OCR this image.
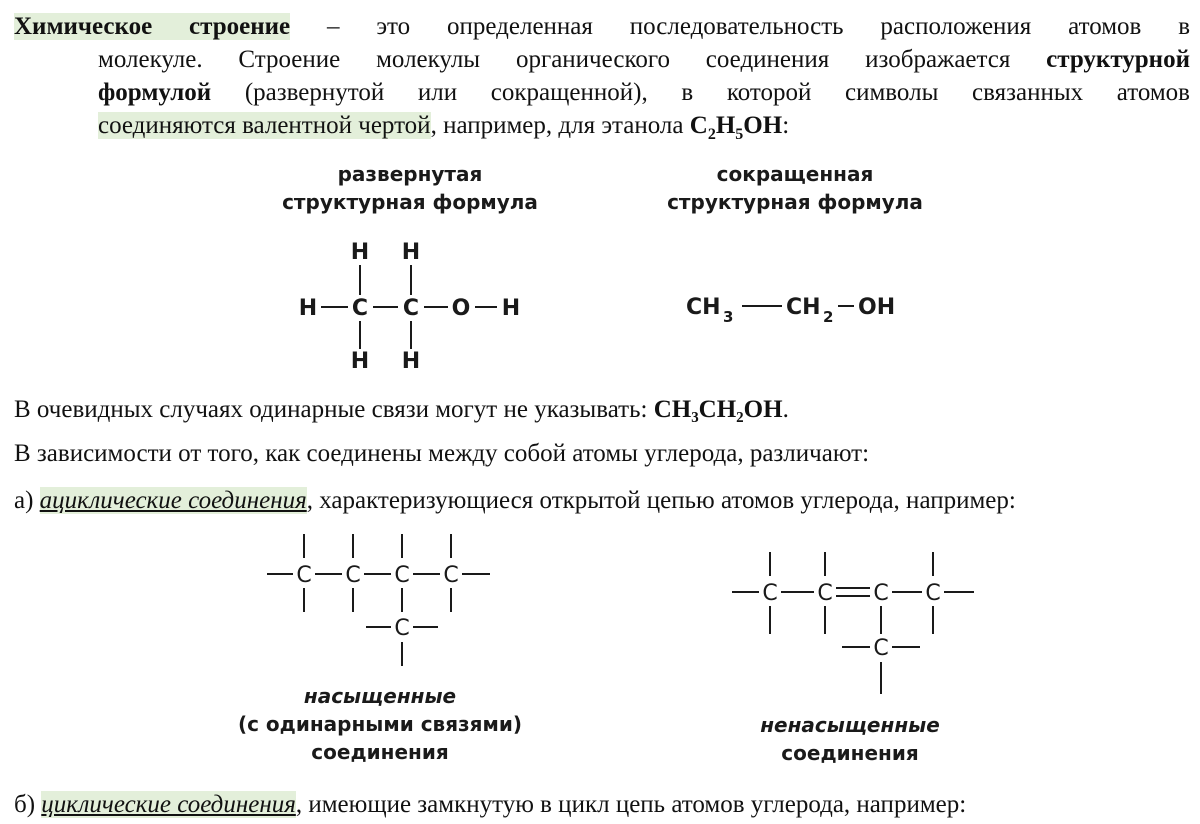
Химическое строение – это определенная последовательность расположения атомов в
молекуле. Строение молекулы органического соединения изображается структурной
формулой (развернутой или сокращенной), в которой символы связанных атомов
соединяются валентной чертой, например, для этанола $C_2H_5OH$:
развернутая
структурная формула
сокращенная
структурная формула
H H
H C C O H
H H
CH 3 CH 2 OH
В очевидных случаях одинарные связи могут не указывать: CH₃CH₂OH.
В зависимости от того, как соединены между собой атомы углерода, различают:
а) ациклические соединения, характеризующиеся открытой цепью атомов углерода, например:
C C C C
C
насыщенные
(с одинарными связями)
соединения
C C C C
C
ненасыщенные
соединения
б) циклические соединения, имеющие замкнутую в цикл цепь атомов углерода, например:
